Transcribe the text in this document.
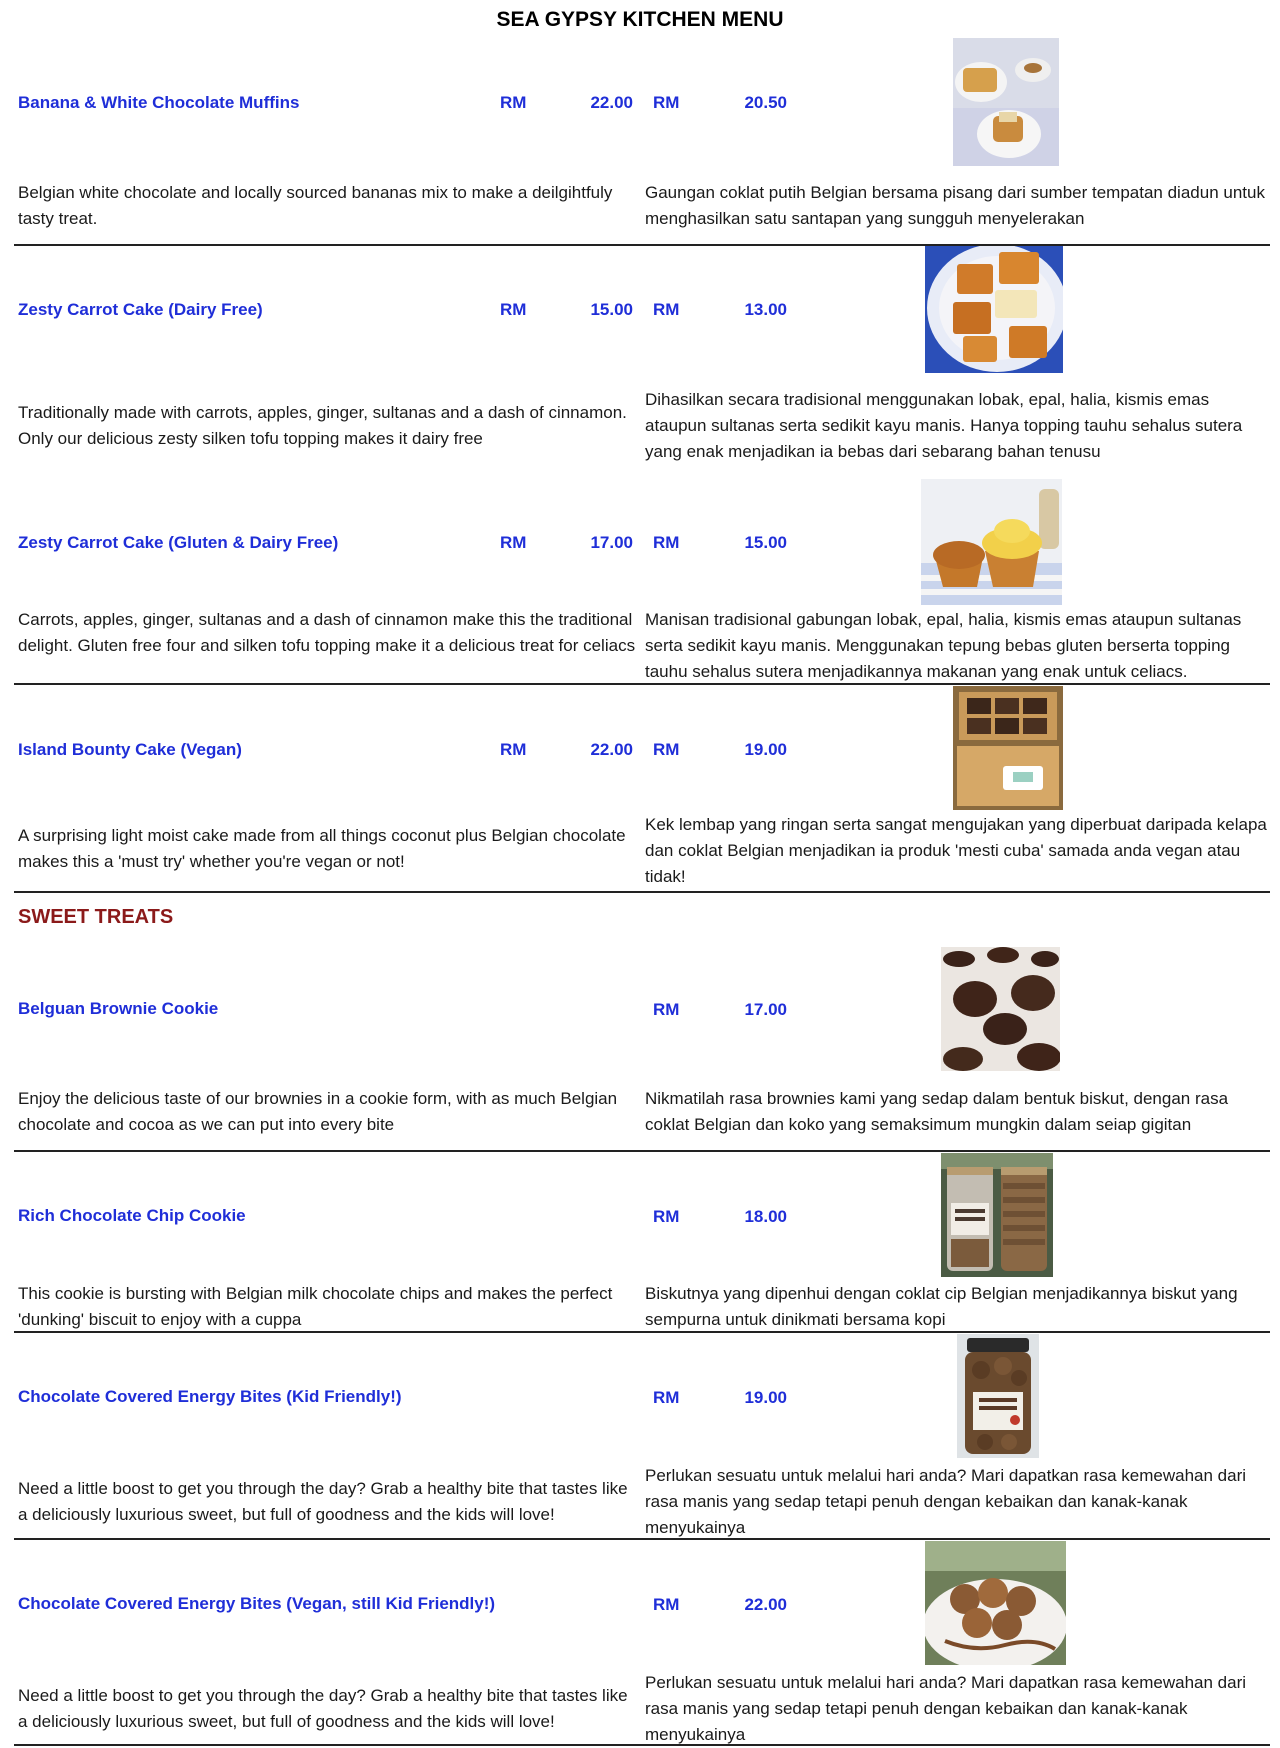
SEA GYPSY KITCHEN MENU
Banana & White Chocolate Muffins	RM	22.00 RM	20.50
Belgian white chocolate and locally sourced bananas mix to make a deilgihtfuly tasty treat.
Gaungan coklat putih Belgian bersama pisang dari sumber tempatan diadun untuk menghasilkan satu santapan yang sungguh menyelerakan
Zesty Carrot Cake (Dairy Free)	RM	15.00 RM	13.00
Traditionally made with carrots, apples, ginger, sultanas and a dash of cinnamon. Only our delicious zesty silken tofu topping makes it dairy free
Dihasilkan secara tradisional menggunakan lobak, epal, halia, kismis emas ataupun sultanas serta sedikit kayu manis. Hanya topping tauhu sehalus sutera yang enak menjadikan ia bebas dari sebarang bahan tenusu
Zesty Carrot Cake (Gluten & Dairy Free)	RM	17.00 RM	15.00
Carrots, apples, ginger, sultanas and a dash of cinnamon make this the traditional delight. Gluten free four and silken tofu topping make it a delicious treat for celiacs
Manisan tradisional gabungan lobak, epal, halia, kismis emas ataupun sultanas serta sedikit kayu manis. Menggunakan tepung bebas gluten berserta topping tauhu sehalus sutera menjadikannya makanan yang enak untuk celiacs.
Island Bounty Cake (Vegan)	RM	22.00 RM	19.00
A surprising light moist cake made from all things coconut plus Belgian chocolate makes this a 'must try' whether you're vegan or not!
Kek lembap yang ringan serta sangat mengujakan yang diperbuat daripada kelapa dan coklat Belgian menjadikan ia produk 'mesti cuba' samada anda vegan atau tidak!
SWEET TREATS
Belguan Brownie Cookie	RM	17.00
Enjoy the delicious taste of our brownies in a cookie form, with as much Belgian chocolate and cocoa as we can put into every bite
Nikmatilah rasa brownies kami yang sedap dalam bentuk biskut, dengan rasa coklat Belgian dan koko yang semaksimum mungkin dalam seiap gigitan
Rich Chocolate Chip Cookie	RM	18.00
This cookie is bursting with Belgian milk chocolate chips and makes the perfect 'dunking' biscuit to enjoy with a cuppa
Biskutnya yang dipenhui dengan coklat cip Belgian menjadikannya biskut yang sempurna untuk dinikmati bersama kopi
Chocolate Covered Energy Bites (Kid Friendly!)	RM	19.00
Need a little boost to get you through the day? Grab a healthy bite that tastes like a deliciously luxurious sweet, but full of goodness and the kids will love!
Perlukan sesuatu untuk melalui hari anda? Mari dapatkan rasa kemewahan dari rasa manis yang sedap tetapi penuh dengan kebaikan dan kanak-kanak menyukainya
Chocolate Covered Energy Bites (Vegan, still Kid Friendly!)	RM	22.00
Need a little boost to get you through the day? Grab a healthy bite that tastes like a deliciously luxurious sweet, but full of goodness and the kids will love!
Perlukan sesuatu untuk melalui hari anda? Mari dapatkan rasa kemewahan dari rasa manis yang sedap tetapi penuh dengan kebaikan dan kanak-kanak menyukainya
